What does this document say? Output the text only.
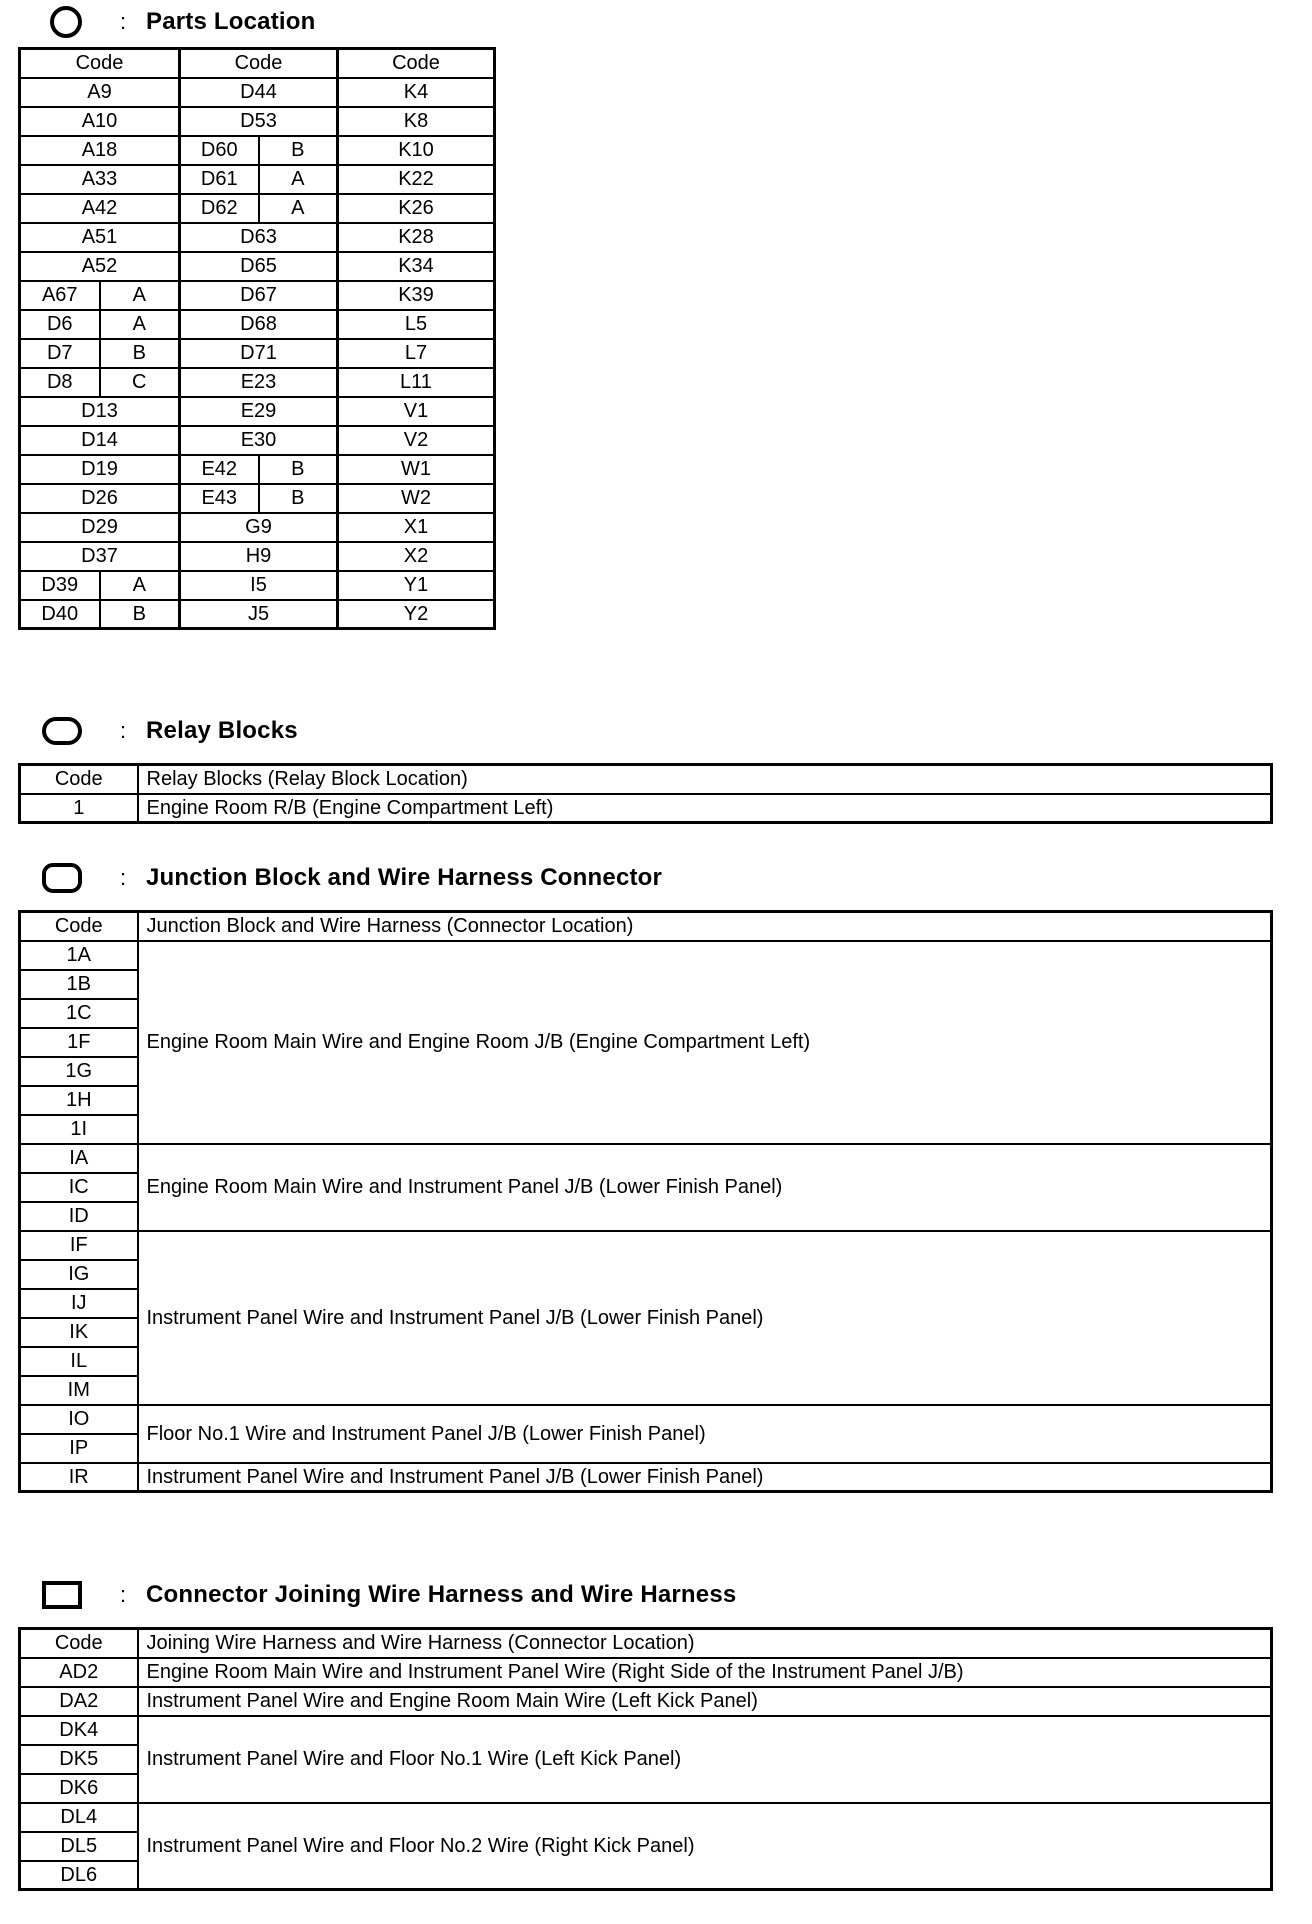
: Parts Location
Code		Code		Code
A9		D44		K4
A10		D53		K8
A18		D60	B	K10
A33		D61	A	K22
A42		D62	A	K26
A51		D63		K28
A52		D65		K34
A67	A	D67		K39
D6	A	D68		L5
D7	B	D71		L7
D8	C	E23		L11
D13		E29		V1
D14		E30		V2
D19		E42	B	W1
D26		E43	B	W2
D29		G9		X1
D37		H9		X2
D39	A	I5		Y1
D40	B	J5		Y2
: Relay Blocks
Code	Relay Blocks (Relay Block Location)
1	Engine Room R/B (Engine Compartment Left)
: Junction Block and Wire Harness Connector
Code	Junction Block and Wire Harness (Connector Location)
1A	Engine Room Main Wire and Engine Room J/B (Engine Compartment Left)
1B	
1C	
1F	
1G	
1H	
1I	
IA	Engine Room Main Wire and Instrument Panel J/B (Lower Finish Panel)
IC	
ID	
IF	Instrument Panel Wire and Instrument Panel J/B (Lower Finish Panel)
IG	
IJ	
IK	
IL	
IM	
IO	Floor No.1 Wire and Instrument Panel J/B (Lower Finish Panel)
IP	
IR	Instrument Panel Wire and Instrument Panel J/B (Lower Finish Panel)
: Connector Joining Wire Harness and Wire Harness
Code	Joining Wire Harness and Wire Harness (Connector Location)
AD2	Engine Room Main Wire and Instrument Panel Wire (Right Side of the Instrument Panel J/B)
DA2	Instrument Panel Wire and Engine Room Main Wire (Left Kick Panel)
DK4	Instrument Panel Wire and Floor No.1 Wire (Left Kick Panel)
DK5	
DK6	
DL4	Instrument Panel Wire and Floor No.2 Wire (Right Kick Panel)
DL5	
DL6	
